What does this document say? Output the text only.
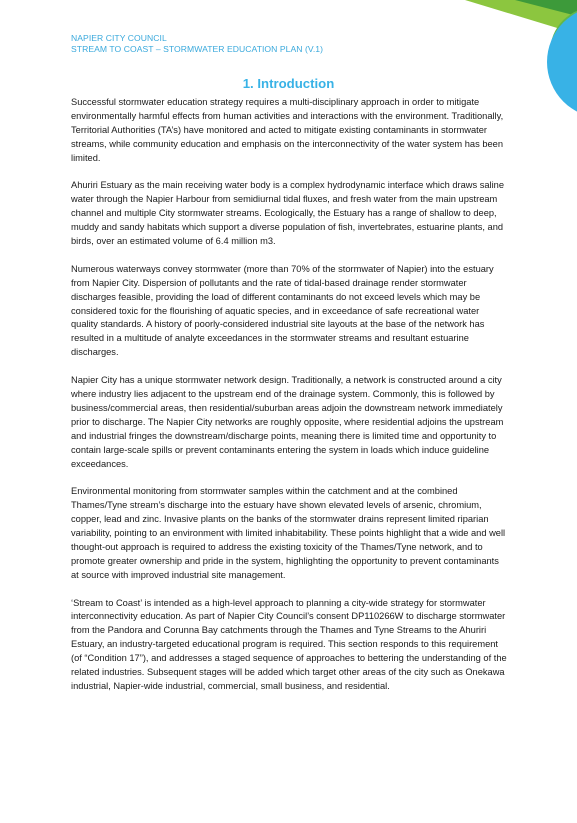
NAPIER CITY COUNCIL
STREAM TO COAST – STORMWATER EDUCATION PLAN (V.1)
1. Introduction

Successful stormwater education strategy requires a multi-disciplinary approach in order to mitigate environmentally harmful effects from human activities and interactions with the environment. Traditionally, Territorial Authorities (TA’s) have monitored and acted to mitigate existing contaminants in stormwater streams, while community education and emphasis on the interconnectivity of the water system has been limited.

Ahuriri Estuary as the main receiving water body is a complex hydrodynamic interface which draws saline water through the Napier Harbour from semidiurnal tidal fluxes, and fresh water from the main upstream channel and multiple City stormwater streams. Ecologically, the Estuary has a range of shallow to deep, muddy and sandy habitats which support a diverse population of fish, invertebrates, estuarine plants, and birds, over an estimated volume of 6.4 million m3.

Numerous waterways convey stormwater (more than 70% of the stormwater of Napier) into the estuary from Napier City. Dispersion of pollutants and the rate of tidal-based drainage render stormwater discharges feasible, providing the load of different contaminants do not exceed levels which may be considered toxic for the flourishing of aquatic species, and in exceedance of safe recreational water quality standards. A history of poorly-considered industrial site layouts at the base of the network has resulted in a multitude of analyte exceedances in the stormwater streams and resultant estuarine discharges.

Napier City has a unique stormwater network design. Traditionally, a network is constructed around a city where industry lies adjacent to the upstream end of the drainage system. Commonly, this is followed by business/commercial areas, then residential/suburban areas adjoin the downstream network immediately prior to discharge. The Napier City networks are roughly opposite, where residential adjoins the upstream and industrial fringes the downstream/discharge points, meaning there is limited time and opportunity to contain large-scale spills or prevent contaminants entering the system in loads which induce guideline exceedances.

Environmental monitoring from stormwater samples within the catchment and at the combined Thames/Tyne stream’s discharge into the estuary have shown elevated levels of arsenic, chromium, copper, lead and zinc. Invasive plants on the banks of the stormwater drains represent limited riparian variability, pointing to an environment with limited inhabitability. These points highlight that a wide and well thought-out approach is required to address the existing toxicity of the Thames/Tyne network, and to promote greater ownership and pride in the system, highlighting the opportunity to prevent contaminants at source with improved industrial site management.

‘Stream to Coast’ is intended as a high-level approach to planning a city-wide strategy for stormwater interconnectivity education. As part of Napier City Council’s consent DP110266W to discharge stormwater from the Pandora and Corunna Bay catchments through the Thames and Tyne Streams to the Ahuriri Estuary, an industry-targeted educational program is required. This section responds to this requirement (of “Condition 17”), and addresses a staged sequence of approaches to bettering the understanding of the related industries. Subsequent stages will be added which target other areas of the city such as Onekawa industrial, Napier-wide industrial, commercial, small business, and residential.
